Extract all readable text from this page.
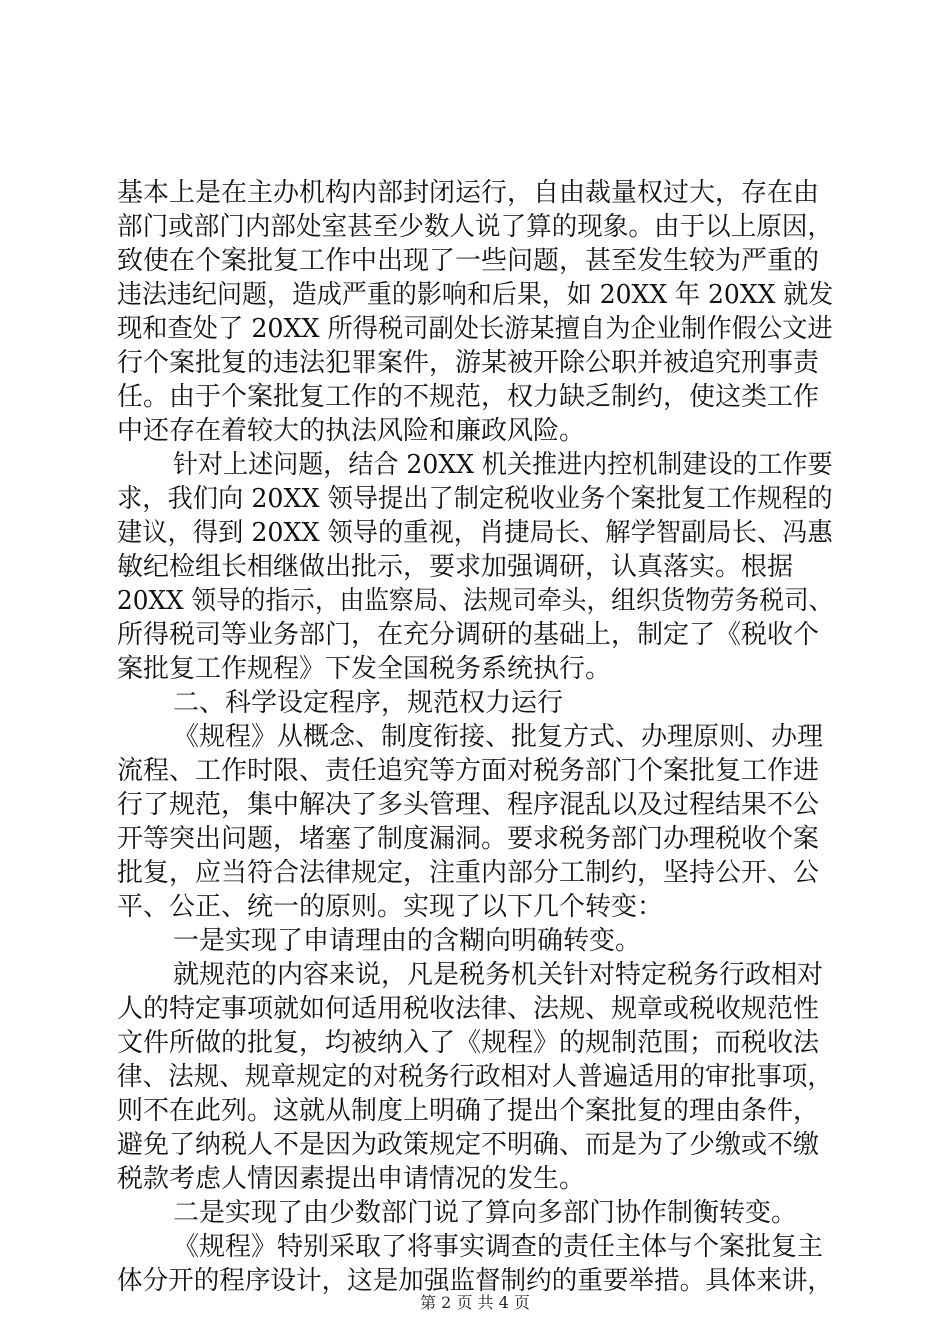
基本上是在主办机构内部封闭运行，自由裁量权过大，存在由
部门或部门内部处室甚至少数人说了算的现象。由于以上原因，
致使在个案批复工作中出现了一些问题，甚至发生较为严重的
违法违纪问题，造成严重的影响和后果，如 20XX 年 20XX 就发
现和查处了 20XX 所得税司副处长游某擅自为企业制作假公文进
行个案批复的违法犯罪案件，游某被开除公职并被追究刑事责
任。由于个案批复工作的不规范，权力缺乏制约，使这类工作
中还存在着较大的执法风险和廉政风险。
针对上述问题，结合 20XX 机关推进内控机制建设的工作要
求，我们向 20XX 领导提出了制定税收业务个案批复工作规程的
建议，得到 20XX 领导的重视，肖捷局长、解学智副局长、冯惠
敏纪检组长相继做出批示，要求加强调研，认真落实。根据
20XX 领导的指示，由监察局、法规司牵头，组织货物劳务税司、
所得税司等业务部门，在充分调研的基础上，制定了《税收个
案批复工作规程》下发全国税务系统执行。
二、科学设定程序，规范权力运行
《规程》从概念、制度衔接、批复方式、办理原则、办理
流程、工作时限、责任追究等方面对税务部门个案批复工作进
行了规范，集中解决了多头管理、程序混乱以及过程结果不公
开等突出问题，堵塞了制度漏洞。要求税务部门办理税收个案
批复，应当符合法律规定，注重内部分工制约，坚持公开、公
平、公正、统一的原则。实现了以下几个转变：
一是实现了申请理由的含糊向明确转变。
就规范的内容来说，凡是税务机关针对特定税务行政相对
人的特定事项就如何适用税收法律、法规、规章或税收规范性
文件所做的批复，均被纳入了《规程》的规制范围；而税收法
律、法规、规章规定的对税务行政相对人普遍适用的审批事项，
则不在此列。这就从制度上明确了提出个案批复的理由条件，
避免了纳税人不是因为政策规定不明确、而是为了少缴或不缴
税款考虑人情因素提出申请情况的发生。
二是实现了由少数部门说了算向多部门协作制衡转变。
《规程》特别采取了将事实调查的责任主体与个案批复主
体分开的程序设计，这是加强监督制约的重要举措。具体来讲，
第 2 页 共 4 页
